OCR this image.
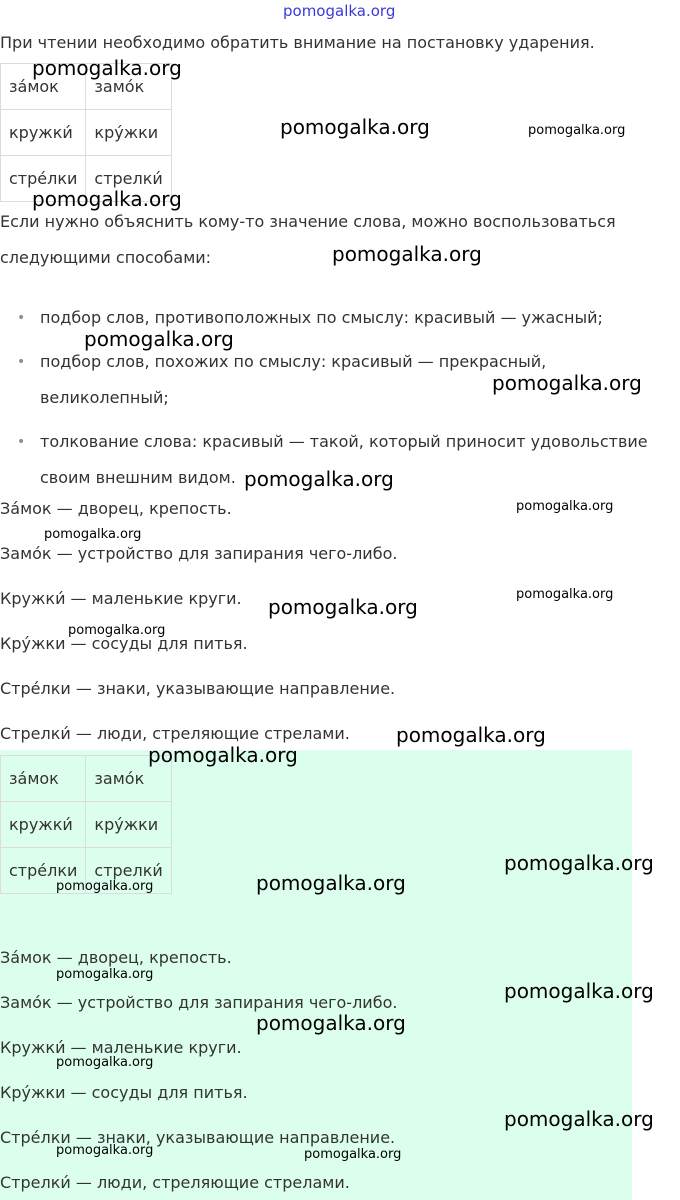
При чтении необходимо обратить внимание на постановку ударения.
за́мок	замо́к
кружки́	кру́жки
стре́лки	стрелки́
Если нужно объяснить кому-то значение слова, можно воспользоваться
следующими способами:
• подбор слов, противоположных по смыслу: красивый — ужасный;
• подбор слов, похожих по смыслу: красивый — прекрасный,
великолепный;
• толкование слова: красивый — такой, который приносит удовольствие
своим внешним видом.
За́мок — дворец, крепость.
Замо́к — устройство для запирания чего-либо.
Кружки́ — маленькие круги.
Кру́жки — сосуды для питья.
Стре́лки — знаки, указывающие направление.
Стрелки́ — люди, стреляющие стрелами.
за́мок	замо́к
кружки́	кру́жки
стре́лки	стрелки́
За́мок — дворец, крепость.
Замо́к — устройство для запирания чего-либо.
Кружки́ — маленькие круги.
Кру́жки — сосуды для питья.
Стре́лки — знаки, указывающие направление.
Стрелки́ — люди, стреляющие стрелами.
pomogalka.org
pomogalka.org
pomogalka.org	pomogalka.org
pomogalka.org
pomogalka.org
pomogalka.org
pomogalka.org
pomogalka.org
pomogalka.org
pomogalka.org
pomogalka.org
pomogalka.org
pomogalka.org
pomogalka.org
pomogalka.org
pomogalka.org
pomogalka.org
pomogalka.org
pomogalka.org
pomogalka.org
pomogalka.org
pomogalka.org
pomogalka.org
pomogalka.org	pomogalka.org
